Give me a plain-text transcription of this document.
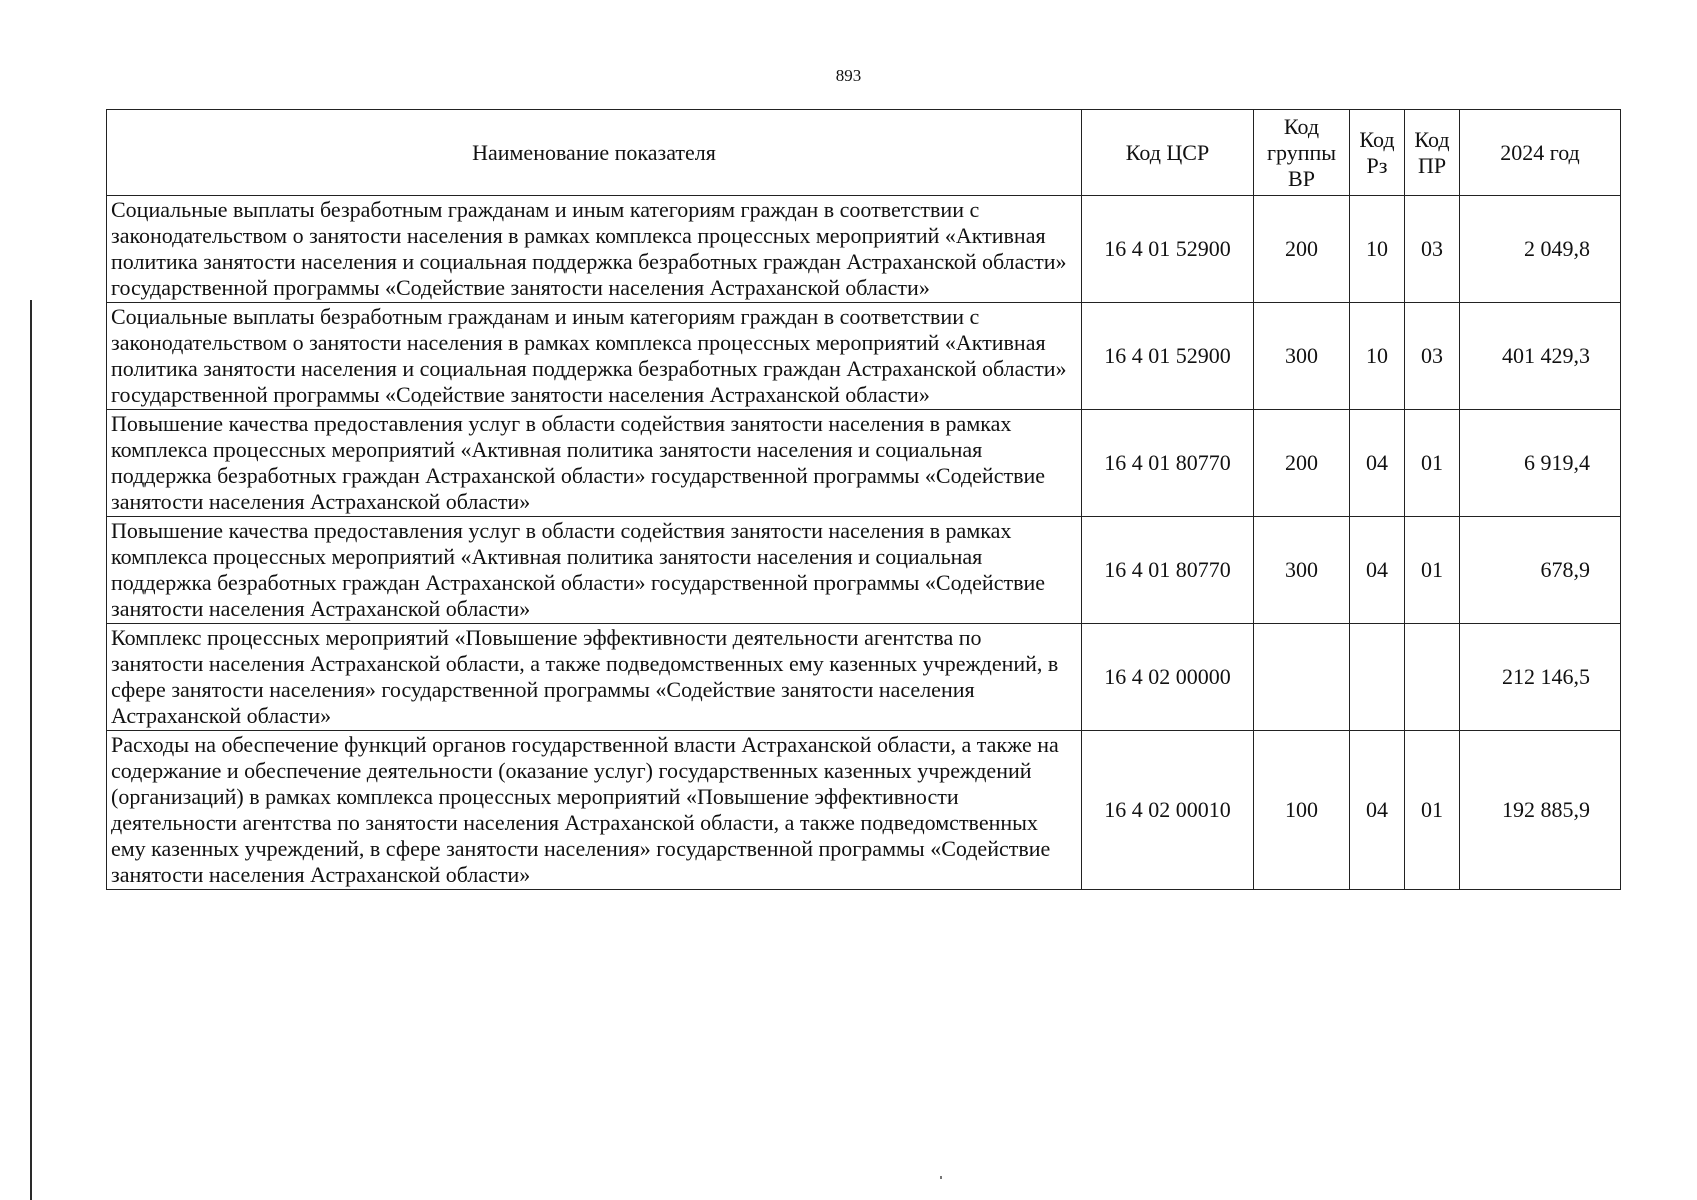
893
Наименование показателя	Код ЦСР	Код группы ВР	Код Рз	Код ПР	2024 год
Социальные выплаты безработным гражданам и иным категориям граждан в соответствии с законодательством о занятости населения в рамках комплекса процессных мероприятий «Активная политика занятости населения и социальная поддержка безработных граждан Астраханской области» государственной программы «Содействие занятости населения Астраханской области»	16 4 01 52900	200	10	03	2 049,8
Социальные выплаты безработным гражданам и иным категориям граждан в соответствии с законодательством о занятости населения в рамках комплекса процессных мероприятий «Активная политика занятости населения и социальная поддержка безработных граждан Астраханской области» государственной программы «Содействие занятости населения Астраханской области»	16 4 01 52900	300	10	03	401 429,3
Повышение качества предоставления услуг в области содействия занятости населения в рамках комплекса процессных мероприятий «Активная политика занятости населения и социальная поддержка безработных граждан Астраханской области» государственной программы «Содействие занятости населения Астраханской области»	16 4 01 80770	200	04	01	6 919,4
Повышение качества предоставления услуг в области содействия занятости населения в рамках комплекса процессных мероприятий «Активная политика занятости населения и социальная поддержка безработных граждан Астраханской области» государственной программы «Содействие занятости населения Астраханской области»	16 4 01 80770	300	04	01	678,9
Комплекс процессных мероприятий «Повышение эффективности деятельности агентства по занятости населения Астраханской области, а также подведомственных ему казенных учреждений, в сфере занятости населения» государственной программы «Содействие занятости населения Астраханской области»	16 4 02 00000				212 146,5
Расходы на обеспечение функций органов государственной власти Астраханской области, а также на содержание и обеспечение деятельности (оказание услуг) государственных казенных учреждений (организаций) в рамках комплекса процессных мероприятий «Повышение эффективности деятельности агентства по занятости населения Астраханской области, а также подведомственных ему казенных учреждений, в сфере занятости населения» государственной программы «Содействие занятости населения Астраханской области»	16 4 02 00010	100	04	01	192 885,9
